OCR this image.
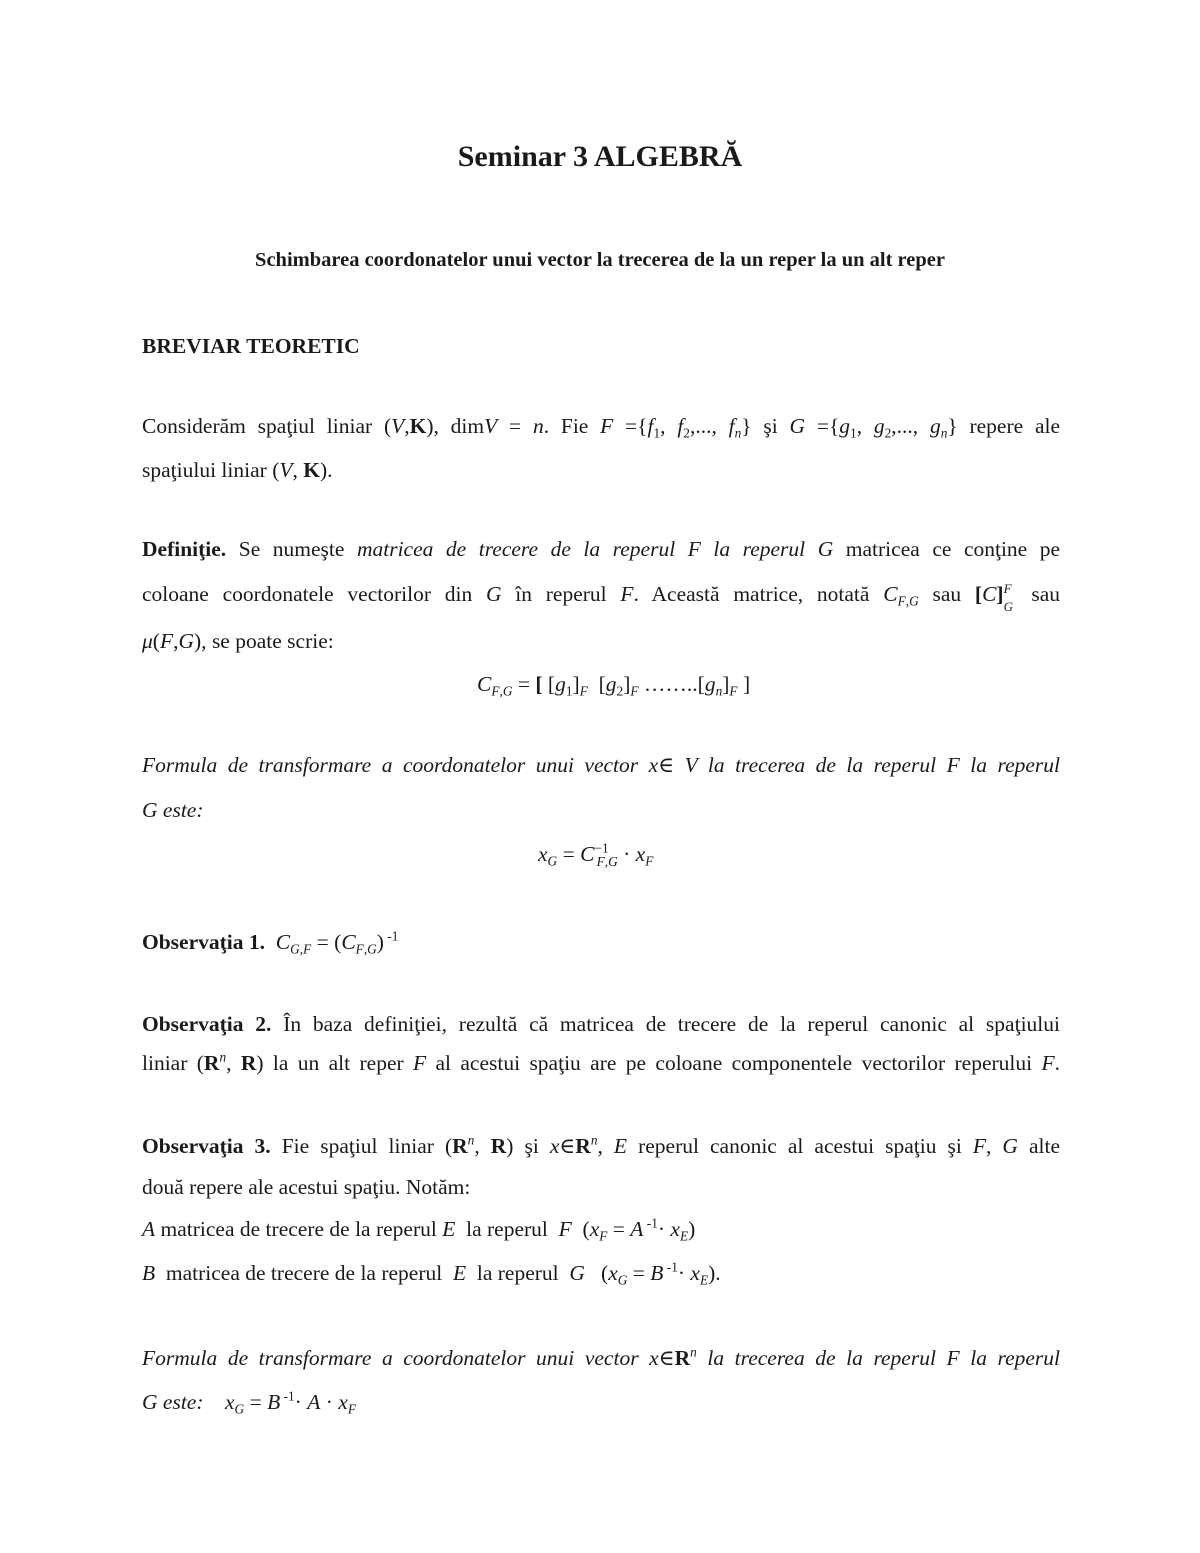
Seminar 3 ALGEBRĂ
Schimbarea coordonatelor unui vector la trecerea de la un reper la un alt reper
BREVIAR TEORETIC
Considerăm spaţiul liniar (V,K), dimV = n. Fie $F =\{f_1$, $f_2$,..., $f_n$} şi $G =\{g_1$, $g_2$,..., $g_n$} repere ale
spaţiului liniar (V, K).
Definiţie. Se numeşte matricea de trecere de la reperul F la reperul G matricea ce conţine pe
coloane coordonatele vectorilor din G în reperul F. Această matrice, notată $C_{F,G}$ sau [C] F
G
sau
μ(F,G), se poate scrie:
$C_{F,G}$ = [ $[g_1]_F$  $[g_2]_F$ $\dots\dots..[g_n]_F$ ]
Formula de transformare a coordonatelor unui vector x∈ V la trecerea de la reperul F la reperul
G este:
$x_G = C^{-1}_{F,G} \cdot x_F$
Observaţia 1. $C_{G,F} = (C_{F,G})$ $^{-1}$
Observaţia 2. În baza definiţiei, rezultă că matricea de trecere de la reperul canonic al spaţiului
liniar ($R^n$, R) la un alt reper F al acestui spaţiu are pe coloane componentele vectorilor reperului F.
Observaţia 3. Fie spaţiul liniar ($R^n$, R) şi $x\in R^n$, E reperul canonic al acestui spaţiu şi F, G alte
două repere ale acestui spaţiu. Notăm:
A matricea de trecere de la reperul E la reperul F  ($x_F = A$ $^{-1}\cdot x_E$)
B matricea de trecere de la reperul E la reperul G   ($x_G = B$ $^{-1}\cdot x_E$).
Formula de transformare a coordonatelor unui vector $x\in R^n$ la trecerea de la reperul F la reperul
G este: $x_G = B$ $^{-1}\cdot A \cdot x_F$
